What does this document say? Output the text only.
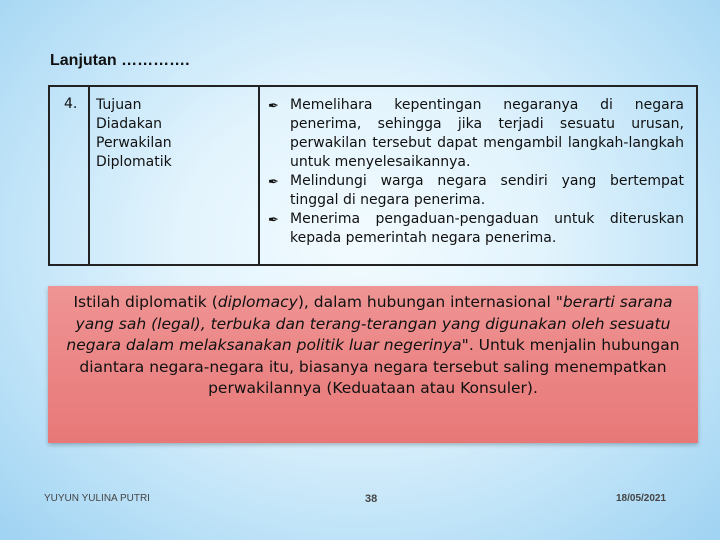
Lanjutan ………….
4. Tujuan
Diadakan
Perwakilan
Diplomatik
✒ Memelihara kepentingan negaranya di negara penerima, sehingga jika terjadi sesuatu urusan, perwakilan tersebut dapat mengambil langkah-langkah untuk menyelesaikannya.
✒ Melindungi warga negara sendiri yang bertempat tinggal di negara penerima.
✒ Menerima pengaduan-pengaduan untuk diteruskan kepada pemerintah negara penerima.
Istilah diplomatik (diplomacy), dalam hubungan internasional "berarti sarana yang sah (legal), terbuka dan terang-terangan yang digunakan oleh sesuatu negara dalam melaksanakan politik luar negerinya". Untuk menjalin hubungan diantara negara-negara itu, biasanya negara tersebut saling menempatkan perwakilannya (Keduataan atau Konsuler).
YUYUN YULINA PUTRI	38	18/05/2021
